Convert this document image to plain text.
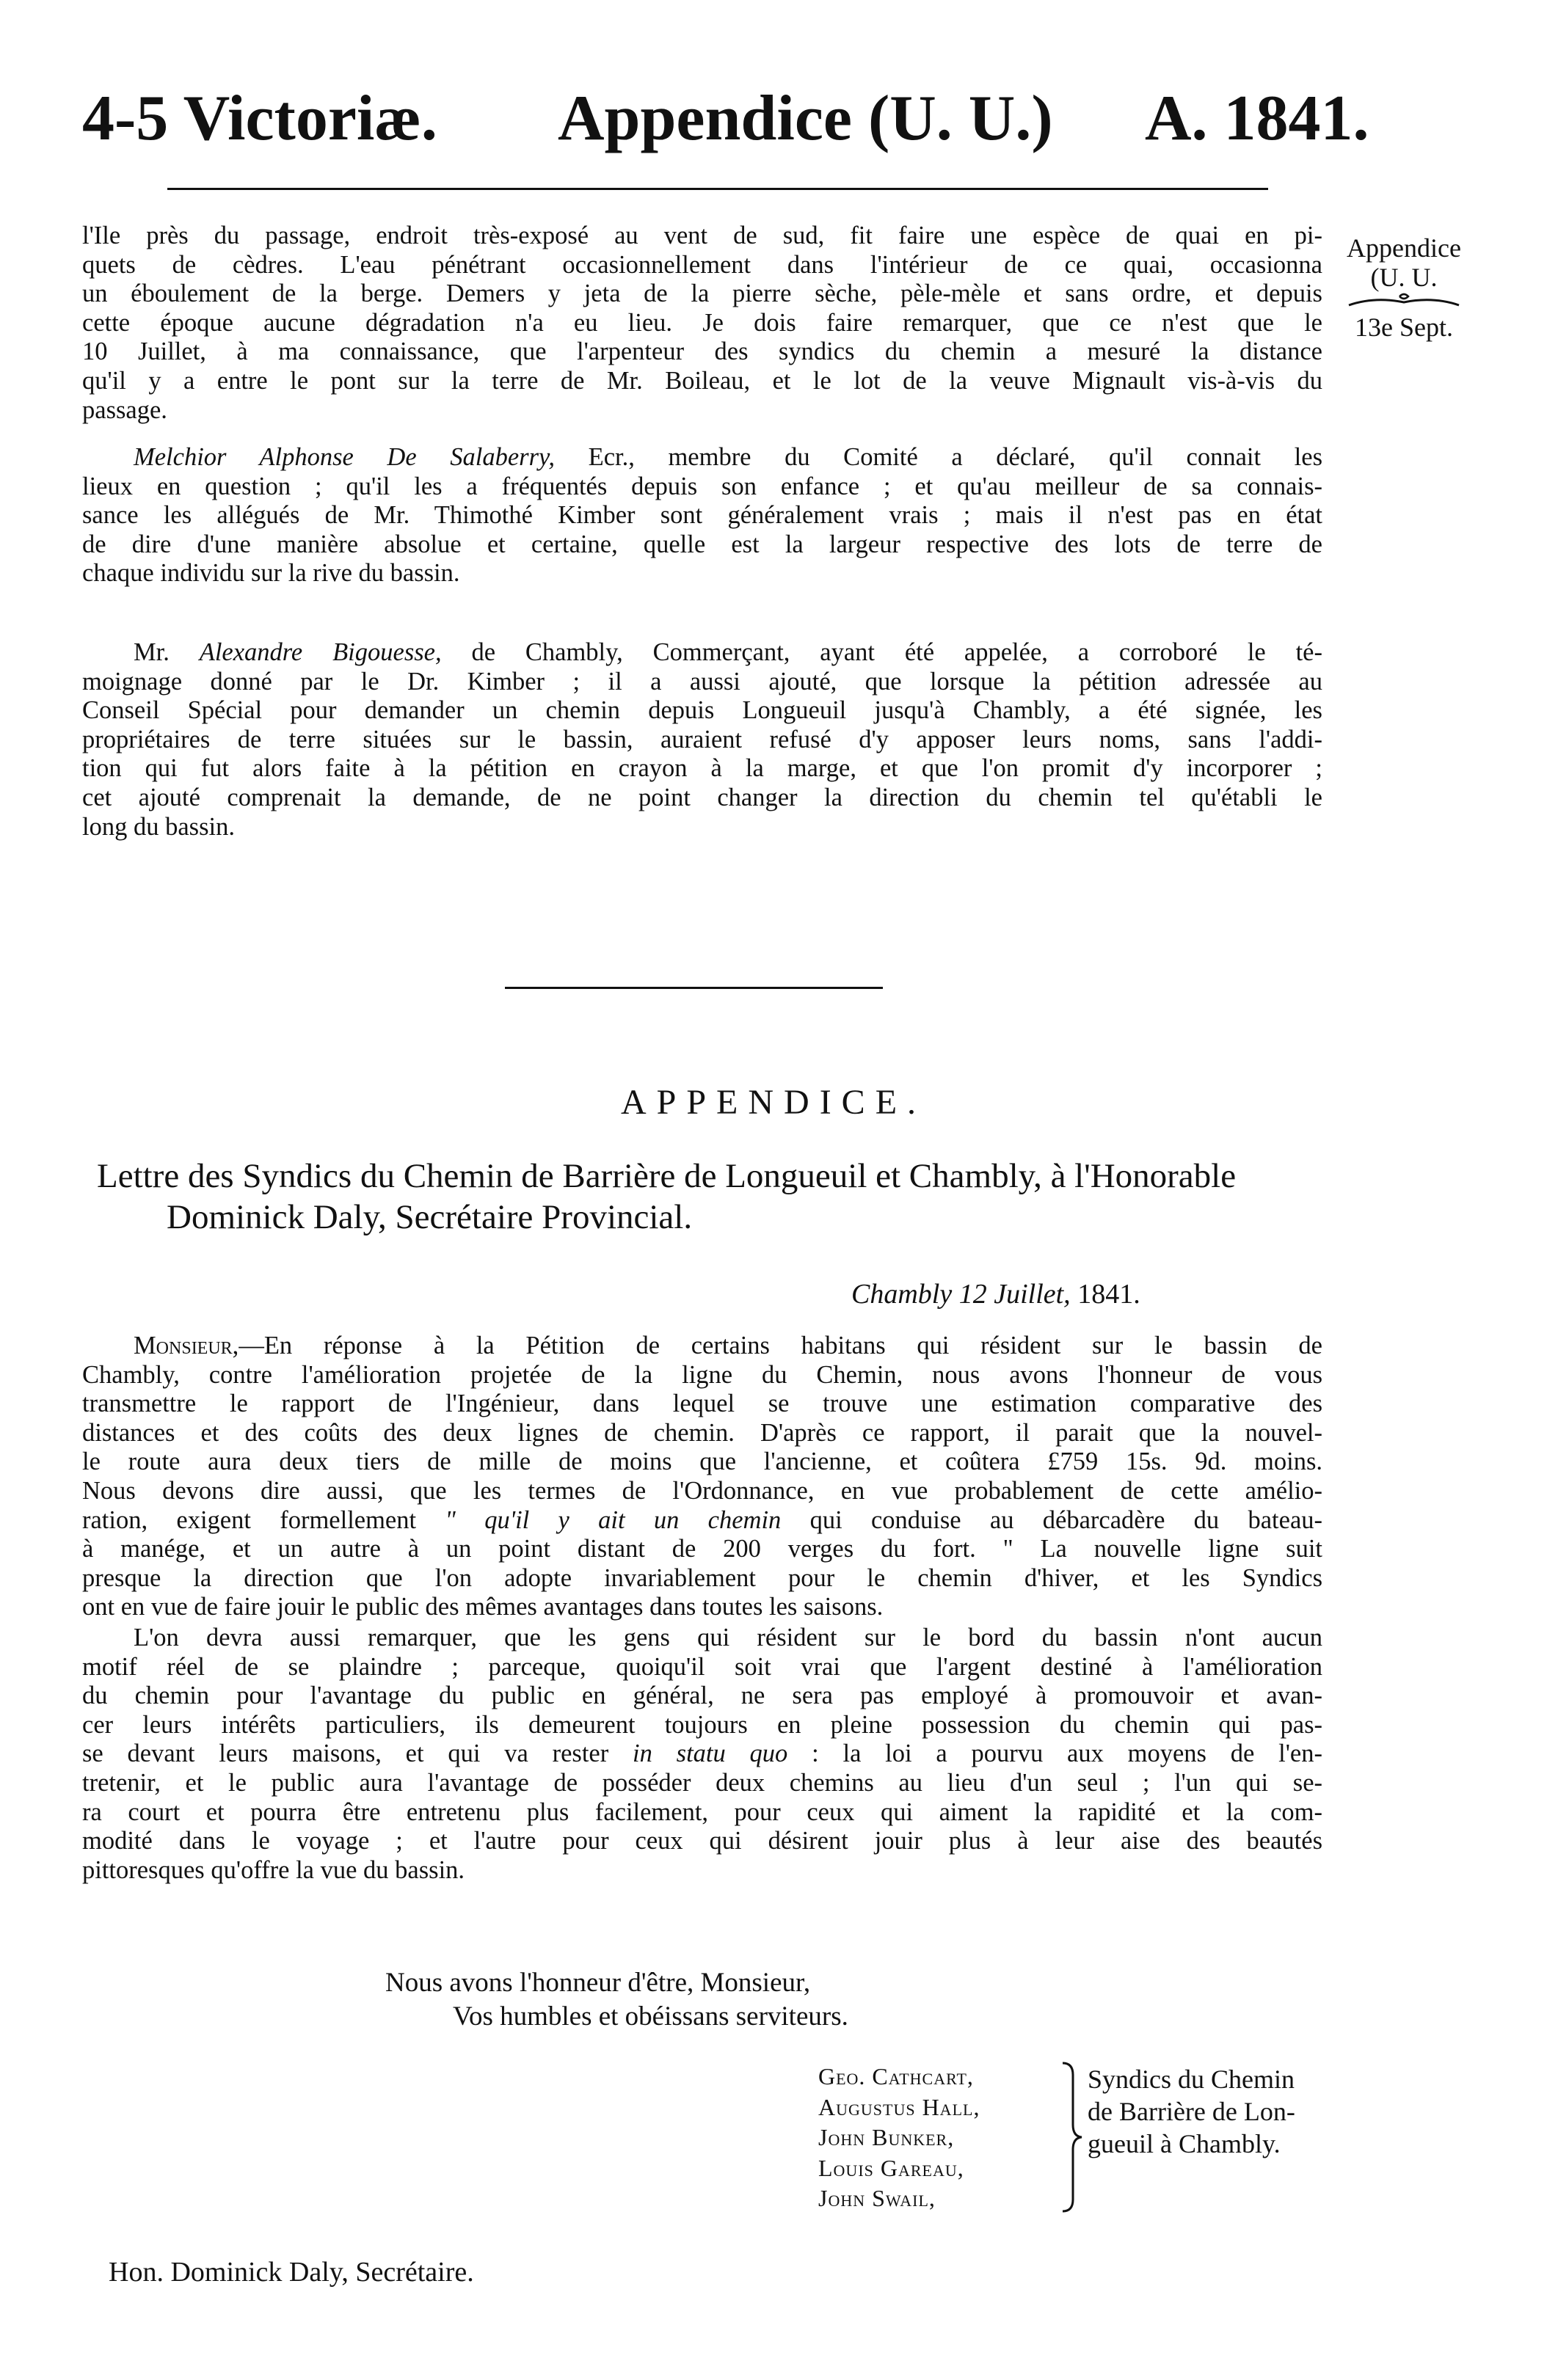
4-5 Victoriæ. Appendice (U. U.) A. 1841.
Appendice
(U. U.
13e Sept.
l'Ile près du passage, endroit très-exposé au vent de sud, fit faire une espèce de quai en pi-
quets de cèdres. L'eau pénétrant occasionnellement dans l'intérieur de ce quai, occasionna
un éboulement de la berge. Demers y jeta de la pierre sèche, pèle-mèle et sans ordre, et depuis
cette époque aucune dégradation n'a eu lieu. Je dois faire remarquer, que ce n'est que le
10 Juillet, à ma connaissance, que l'arpenteur des syndics du chemin a mesuré la distance
qu'il y a entre le pont sur la terre de Mr. Boileau, et le lot de la veuve Mignault vis-à-vis du
passage.
Melchior Alphonse De Salaberry, Ecr., membre du Comité a déclaré, qu'il connait les
lieux en question ; qu'il les a fréquentés depuis son enfance ; et qu'au meilleur de sa connais-
sance les allégués de Mr. Thimothé Kimber sont généralement vrais ; mais il n'est pas en état
de dire d'une manière absolue et certaine, quelle est la largeur respective des lots de terre de
chaque individu sur la rive du bassin.
Mr. Alexandre Bigouesse, de Chambly, Commerçant, ayant été appelée, a corroboré le té-
moignage donné par le Dr. Kimber ; il a aussi ajouté, que lorsque la pétition adressée au
Conseil Spécial pour demander un chemin depuis Longueuil jusqu'à Chambly, a été signée, les
propriétaires de terre situées sur le bassin, auraient refusé d'y apposer leurs noms, sans l'addi-
tion qui fut alors faite à la pétition en crayon à la marge, et que l'on promit d'y incorporer ;
cet ajouté comprenait la demande, de ne point changer la direction du chemin tel qu'établi le
long du bassin.
APPENDICE.
Lettre des Syndics du Chemin de Barrière de Longueuil et Chambly, à l'Honorable
Dominick Daly, Secrétaire Provincial.
Chambly 12 Juillet, 1841.
Monsieur,—En réponse à la Pétition de certains habitans qui résident sur le bassin de
Chambly, contre l'amélioration projetée de la ligne du Chemin, nous avons l'honneur de vous
transmettre le rapport de l'Ingénieur, dans lequel se trouve une estimation comparative des
distances et des coûts des deux lignes de chemin. D'après ce rapport, il parait que la nouvel-
le route aura deux tiers de mille de moins que l'ancienne, et coûtera £759 15s. 9d. moins.
Nous devons dire aussi, que les termes de l'Ordonnance, en vue probablement de cette amélio-
ration, exigent formellement " qu'il y ait un chemin qui conduise au débarcadère du bateau-
à manége, et un autre à un point distant de 200 verges du fort. " La nouvelle ligne suit
presque la direction que l'on adopte invariablement pour le chemin d'hiver, et les Syndics
ont en vue de faire jouir le public des mêmes avantages dans toutes les saisons.
L'on devra aussi remarquer, que les gens qui résident sur le bord du bassin n'ont aucun
motif réel de se plaindre ; parceque, quoiqu'il soit vrai que l'argent destiné à l'amélioration
du chemin pour l'avantage du public en général, ne sera pas employé à promouvoir et avan-
cer leurs intérêts particuliers, ils demeurent toujours en pleine possession du chemin qui pas-
se devant leurs maisons, et qui va rester in statu quo : la loi a pourvu aux moyens de l'en-
tretenir, et le public aura l'avantage de posséder deux chemins au lieu d'un seul ; l'un qui se-
ra court et pourra être entretenu plus facilement, pour ceux qui aiment la rapidité et la com-
modité dans le voyage ; et l'autre pour ceux qui désirent jouir plus à leur aise des beautés
pittoresques qu'offre la vue du bassin.
Nous avons l'honneur d'être, Monsieur,
Vos humbles et obéissans serviteurs.
Geo. Cathcart,
Augustus Hall,
John Bunker,
Louis Gareau,
John Swail,
Syndics du Chemin
de Barrière de Lon-
gueuil à Chambly.
Hon. Dominick Daly, Secrétaire.
